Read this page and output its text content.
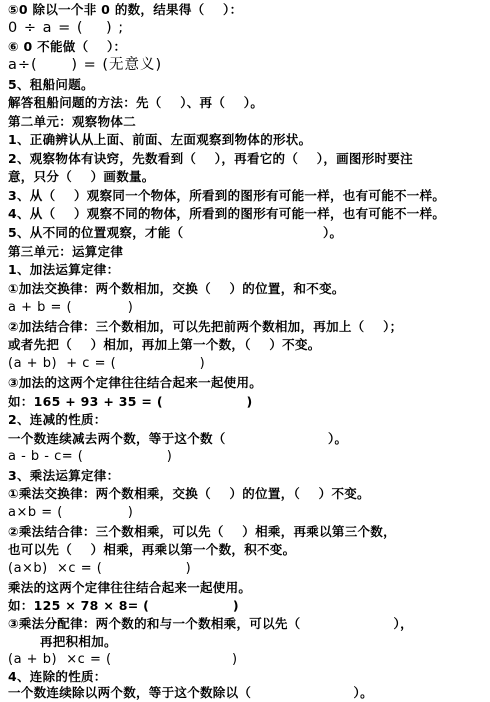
⑤0 除以一个非 0 的数，结果得（    ）：
0 ÷ a = (    ) ;
⑥ 0 不能做（    ）：
a÷(      ) = (无意义)
5、租船问题。
解答租船问题的方法：先（    ）、再（    ）。
第二单元：观察物体二
1、正确辨认从上面、前面、左面观察到物体的形状。
2、观察物体有诀窍，先数看到（    ），再看它的（    ），画图形时要注
意，只分（    ）画数量。
3、从（    ）观察同一个物体，所看到的图形有可能一样，也有可能不一样。
4、从（    ）观察不同的物体，所看到的图形有可能一样，也有可能不一样。
5、从不同的位置观察，才能（                              ）。
第三单元：运算定律
1、加法运算定律：
①加法交换律：两个数相加，交换（    ）的位置，和不变。
a + b = (            )
②加法结合律：三个数相加，可以先把前两个数相加，再加上（    ）；
或者先把（    ）相加，再加上第一个数，（    ）不变。
(a + b)  + c = (                  )
③加法的这两个定律往往结合起来一起使用。
如：165 + 93 + 35 = (                  )
2、连减的性质：
一个数连续减去两个数，等于这个数（                      ）。
a - b - c= (                  )
3、乘法运算定律：
①乘法交换律：两个数相乘，交换（    ）的位置，（    ）不变。
a×b = (              )
②乘法结合律：三个数相乘，可以先（    ）相乘，再乘以第三个数，
也可以先（    ）相乘，再乘以第一个数，积不变。
(a×b)  ×c = (                  )
乘法的这两个定律往往结合起来一起使用。
如：125 × 78 × 8= (                  )
③乘法分配律：两个数的和与一个数相乘，可以先（                    ），
再把积相加。
(a + b)  ×c = (                          )
4、连除的性质：
一个数连续除以两个数，等于这个数除以（                      ）。
